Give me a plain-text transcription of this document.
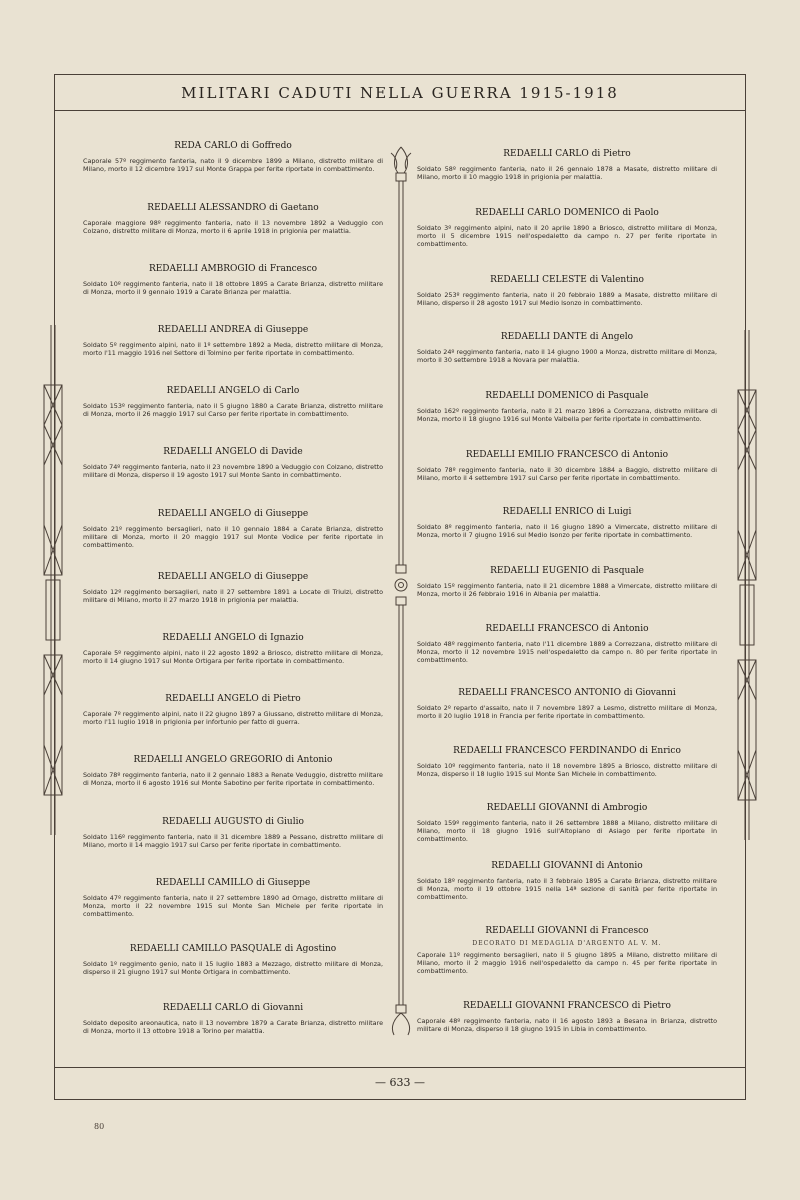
MILITARI CADUTI NELLA GUERRA 1915-1918
REDA CARLO di Goffredo
Caporale 57º reggimento fanteria, nato il 9 dicembre 1899 a Milano, distretto militare di Milano, morto il 12 dicembre 1917 sul Monte Grappa per ferite riportate in combattimento.
REDAELLI ALESSANDRO di Gaetano
Caporale maggiore 98º reggimento fanteria, nato il 13 novembre 1892 a Veduggio con Colzano, distretto militare di Monza, morto il 6 aprile 1918 in prigionia per malattia.
REDAELLI AMBROGIO di Francesco
Soldato 10º reggimento fanteria, nato il 18 ottobre 1895 a Carate Brianza, distretto militare di Monza, morto il 9 gennaio 1919 a Carate Brianza per malattia.
REDAELLI ANDREA di Giuseppe
Soldato 5º reggimento alpini, nato il 1º settembre 1892 a Meda, distretto militare di Monza, morto l'11 maggio 1916 nel Settore di Tolmino per ferite riportate in combattimento.
REDAELLI ANGELO di Carlo
Soldato 153º reggimento fanteria, nato il 5 giugno 1880 a Carate Brianza, distretto militare di Monza, morto il 26 maggio 1917 sul Carso per ferite riportate in combattimento.
REDAELLI ANGELO di Davide
Soldato 74º reggimento fanteria, nato il 23 novembre 1890 a Veduggio con Colzano, distretto militare di Monza, disperso il 19 agosto 1917 sul Monte Santo in combattimento.
REDAELLI ANGELO di Giuseppe
Soldato 21º reggimento bersaglieri, nato il 10 gennaio 1884 a Carate Brianza, distretto militare di Monza, morto il 20 maggio 1917 sul Monte Vodice per ferite riportate in combattimento.
REDAELLI ANGELO di Giuseppe
Soldato 12º reggimento bersaglieri, nato il 27 settembre 1891 a Locate di Triulzi, distretto militare di Milano, morto il 27 marzo 1918 in prigionia per malattia.
REDAELLI ANGELO di Ignazio
Caporale 5º reggimento alpini, nato il 22 agosto 1892 a Briosco, distretto militare di Monza, morto il 14 giugno 1917 sul Monte Ortigara per ferite riportate in combattimento.
REDAELLI ANGELO di Pietro
Caporale 7º reggimento alpini, nato il 22 giugno 1897 a Giussano, distretto militare di Monza, morto l'11 luglio 1918 in prigionia per infortunio per fatto di guerra.
REDAELLI ANGELO GREGORIO di Antonio
Soldato 78º reggimento fanteria, nato il 2 gennaio 1883 a Renate Veduggio, distretto militare di Monza, morto il 6 agosto 1916 sul Monte Sabotino per ferite riportate in combattimento.
REDAELLI AUGUSTO di Giulio
Soldato 116º reggimento fanteria, nato il 31 dicembre 1889 a Pessano, distretto militare di Milano, morto il 14 maggio 1917 sul Carso per ferite riportate in combattimento.
REDAELLI CAMILLO di Giuseppe
Soldato 47º reggimento fanteria, nato il 27 settembre 1890 ad Ornago, distretto militare di Monza, morto il 22 novembre 1915 sul Monte San Michele per ferite riportate in combattimento.
REDAELLI CAMILLO PASQUALE di Agostino
Soldato 1º reggimento genio, nato il 15 luglio 1883 a Mezzago, distretto militare di Monza, disperso il 21 giugno 1917 sul Monte Ortigara in combattimento.
REDAELLI CARLO di Giovanni
Soldato deposito areonautica, nato il 13 novembre 1879 a Carate Brianza, distretto militare di Monza, morto il 13 ottobre 1918 a Torino per malattia.
REDAELLI CARLO di Pietro
Soldato 58º reggimento fanteria, nato il 26 gennaio 1878 a Masate, distretto militare di Milano, morto il 10 maggio 1918 in prigionia per malattia.
REDAELLI CARLO DOMENICO di Paolo
Soldato 3º reggimento alpini, nato il 20 aprile 1890 a Briosco, distretto militare di Monza, morto il 5 dicembre 1915 nell'ospedaletto da campo n. 27 per ferite riportate in combattimento.
REDAELLI CELESTE di Valentino
Soldato 253º reggimento fanteria, nato il 20 febbraio 1889 a Masate, distretto militare di Milano, disperso il 28 agosto 1917 sul Medio Isonzo in combattimento.
REDAELLI DANTE di Angelo
Soldato 24º reggimento fanteria, nato il 14 giugno 1900 a Monza, distretto militare di Monza, morto il 30 settembre 1918 a Novara per malattia.
REDAELLI DOMENICO di Pasquale
Soldato 162º reggimento fanteria, nato il 21 marzo 1896 a Correzzana, distretto militare di Monza, morto il 18 giugno 1916 sul Monte Valbella per ferite riportate in combattimento.
REDAELLI EMILIO FRANCESCO di Antonio
Soldato 78º reggimento fanteria, nato il 30 dicembre 1884 a Baggio, distretto militare di Milano, morto il 4 settembre 1917 sul Carso per ferite riportate in combattimento.
REDAELLI ENRICO di Luigi
Soldato 8º reggimento fanteria, nato il 16 giugno 1890 a Vimercate, distretto militare di Monza, morto il 7 giugno 1916 sul Medio Isonzo per ferite riportate in combattimento.
REDAELLI EUGENIO di Pasquale
Soldato 15º reggimento fanteria, nato il 21 dicembre 1888 a Vimercate, distretto militare di Monza, morto il 26 febbraio 1916 in Albania per malattia.
REDAELLI FRANCESCO di Antonio
Soldato 48º reggimento fanteria, nato l'11 dicembre 1889 a Correzzana, distretto militare di Monza, morto il 12 novembre 1915 nell'ospedaletto da campo n. 80 per ferite riportate in combattimento.
REDAELLI FRANCESCO ANTONIO di Giovanni
Soldato 2º reparto d'assalto, nato il 7 novembre 1897 a Lesmo, distretto militare di Monza, morto il 20 luglio 1918 in Francia per ferite riportate in combattimento.
REDAELLI FRANCESCO FERDINANDO di Enrico
Soldato 10º reggimento fanteria, nato il 18 novembre 1895 a Briosco, distretto militare di Monza, disperso il 18 luglio 1915 sul Monte San Michele in combattimento.
REDAELLI GIOVANNI di Ambrogio
Soldato 159º reggimento fanteria, nato il 26 settembre 1888 a Milano, distretto militare di Milano, morto il 18 giugno 1916 sull'Altopiano di Asiago per ferite riportate in combattimento.
REDAELLI GIOVANNI di Antonio
Soldato 18º reggimento fanteria, nato il 3 febbraio 1895 a Carate Brianza, distretto militare di Monza, morto il 19 ottobre 1915 nella 14ª sezione di sanità per ferite riportate in combattimento.
REDAELLI GIOVANNI di Francesco
DECORATO DI MEDAGLIA D'ARGENTO AL V. M.
Caporale 11º reggimento bersaglieri, nato il 5 giugno 1895 a Milano, distretto militare di Milano, morto il 2 maggio 1916 nell'ospedaletto da campo n. 45 per ferite riportate in combattimento.
REDAELLI GIOVANNI FRANCESCO di Pietro
Caporale 48º reggimento fanteria, nato il 16 agosto 1893 a Besana in Brianza, distretto militare di Monza, disperso il 18 giugno 1915 in Libia in combattimento.
— 633 —
80
